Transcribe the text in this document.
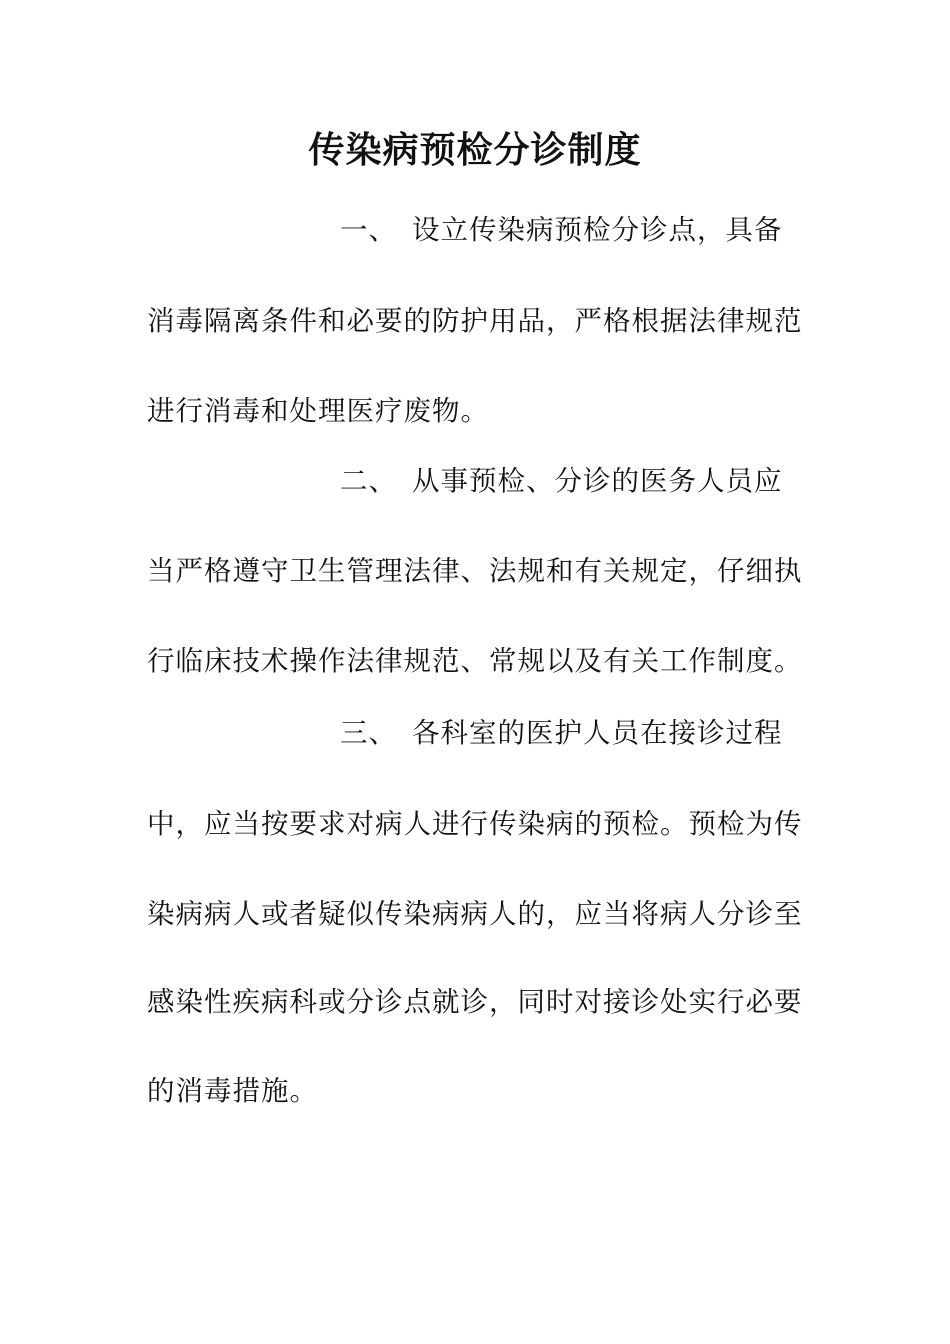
传染病预检分诊制度
一、 设立传染病预检分诊点，具备
消毒隔离条件和必要的防护用品，严格根据法律规范
进行消毒和处理医疗废物。
二、 从事预检、分诊的医务人员应
当严格遵守卫生管理法律、法规和有关规定，仔细执
行临床技术操作法律规范、常规以及有关工作制度。
三、 各科室的医护人员在接诊过程
中，应当按要求对病人进行传染病的预检。预检为传
染病病人或者疑似传染病病人的，应当将病人分诊至
感染性疾病科或分诊点就诊，同时对接诊处实行必要
的消毒措施。
